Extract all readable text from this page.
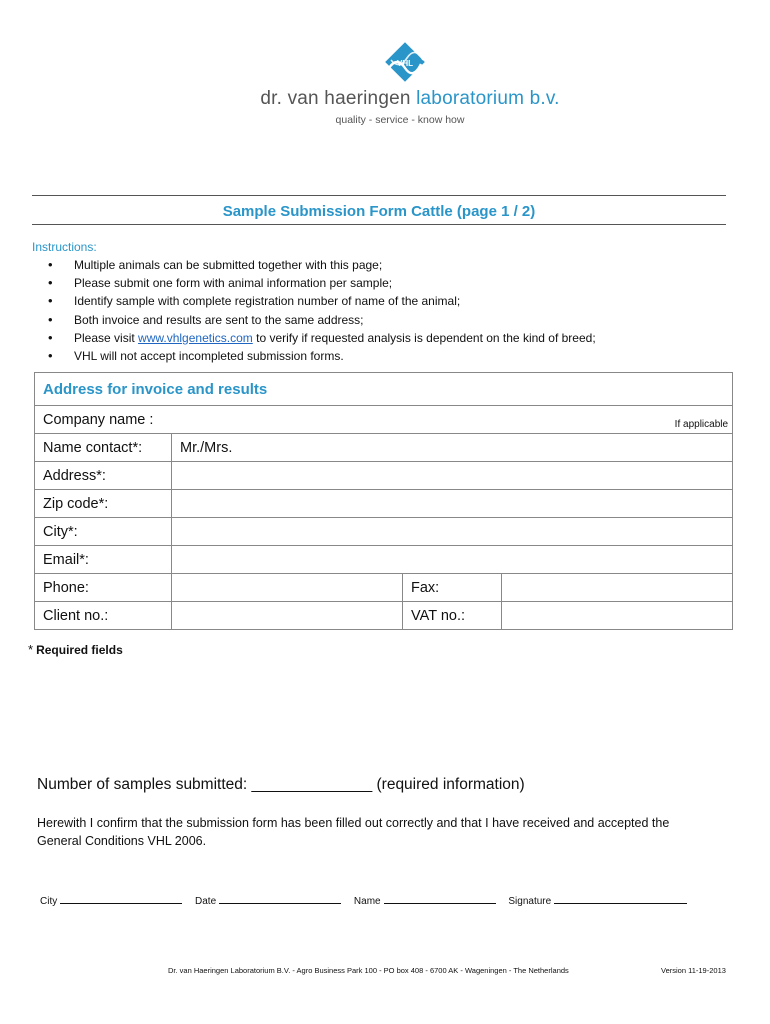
VHL
dr. van haeringen laboratorium b.v.
quality - service - know how
Sample Submission Form Cattle (page 1 / 2)
Instructions:
• Multiple animals can be submitted together with this page;
• Please submit one form with animal information per sample;
• Identify sample with complete registration number of name of the animal;
• Both invoice and results are sent to the same address;
• Please visit www.vhlgenetics.com to verify if requested analysis is dependent on the kind of breed;
• VHL will not accept incompleted submission forms.
Address for invoice and results			
Company name : If applicable			

Name contact*:	Mr./Mrs.		
Address*:			
Zip code*:			
City*:			
Email*:			
Phone:		Fax:	
Client no.:		VAT no.:	
* Required fields
Number of samples submitted: ______________ (required information)
Herewith I confirm that the submission form has been filled out correctly and that I have received and accepted the General Conditions VHL 2006.
City	Date	Name	Signature
Dr. van Haeringen Laboratorium B.V. - Agro Business Park 100 - PO box 408 - 6700 AK - Wageningen - The Netherlands	Version 11-19-2013
